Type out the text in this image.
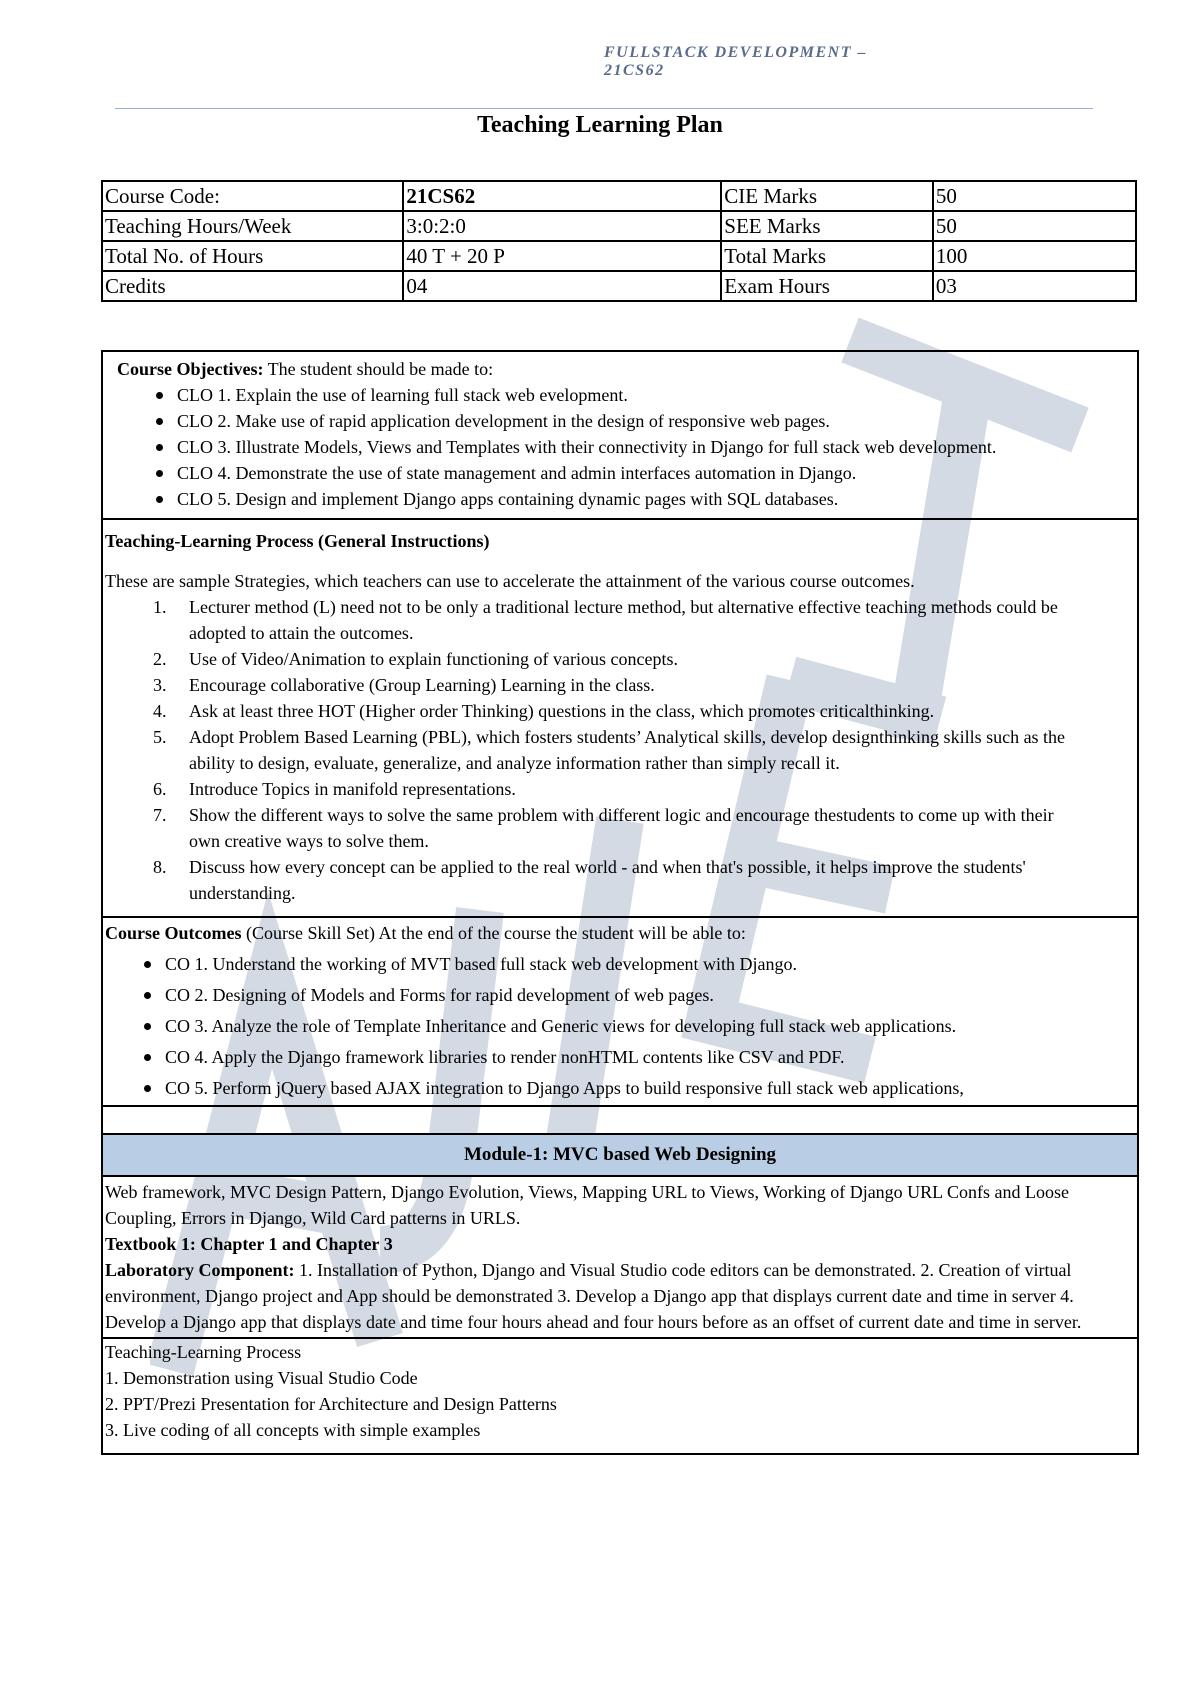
FULLSTACK DEVELOPMENT –
21CS62
Teaching Learning Plan
Course Code:	21CS62	CIE Marks	50
Teaching Hours/Week	3:0:2:0	SEE Marks	50
Total No. of Hours	40 T + 20 P	Total Marks	100
Credits	04	Exam Hours	03
Course Objectives: The student should be made to:
CLO 1. Explain the use of learning full stack web evelopment.
CLO 2. Make use of rapid application development in the design of responsive web pages.
CLO 3. Illustrate Models, Views and Templates with their connectivity in Django for full stack web development.
CLO 4. Demonstrate the use of state management and admin interfaces automation in Django.
CLO 5. Design and implement Django apps containing dynamic pages with SQL databases.
Teaching-Learning Process (General Instructions)
These are sample Strategies, which teachers can use to accelerate the attainment of the various course outcomes.
1. Lecturer method (L) need not to be only a traditional lecture method, but alternative effective teaching methods could be adopted to attain the outcomes.
2. Use of Video/Animation to explain functioning of various concepts.
3. Encourage collaborative (Group Learning) Learning in the class.
4. Ask at least three HOT (Higher order Thinking) questions in the class, which promotes criticalthinking.
5. Adopt Problem Based Learning (PBL), which fosters students’ Analytical skills, develop designthinking skills such as the ability to design, evaluate, generalize, and analyze information rather than simply recall it.
6. Introduce Topics in manifold representations.
7. Show the different ways to solve the same problem with different logic and encourage thestudents to come up with their own creative ways to solve them.
8. Discuss how every concept can be applied to the real world - and when that's possible, it helps improve the students' understanding.
Course Outcomes (Course Skill Set) At the end of the course the student will be able to:
CO 1. Understand the working of MVT based full stack web development with Django.
CO 2. Designing of Models and Forms for rapid development of web pages.
CO 3. Analyze the role of Template Inheritance and Generic views for developing full stack web applications.
CO 4. Apply the Django framework libraries to render nonHTML contents like CSV and PDF.
CO 5. Perform jQuery based AJAX integration to Django Apps to build responsive full stack web applications,
Module-1: MVC based Web Designing
Web framework, MVC Design Pattern, Django Evolution, Views, Mapping URL to Views, Working of Django URL Confs and Loose Coupling, Errors in Django, Wild Card patterns in URLS.
Textbook 1: Chapter 1 and Chapter 3
Laboratory Component: 1. Installation of Python, Django and Visual Studio code editors can be demonstrated. 2. Creation of virtual environment, Django project and App should be demonstrated 3. Develop a Django app that displays current date and time in server 4. Develop a Django app that displays date and time four hours ahead and four hours before as an offset of current date and time in server.
Teaching-Learning Process
1. Demonstration using Visual Studio Code
2. PPT/Prezi Presentation for Architecture and Design Patterns
3. Live coding of all concepts with simple examples
